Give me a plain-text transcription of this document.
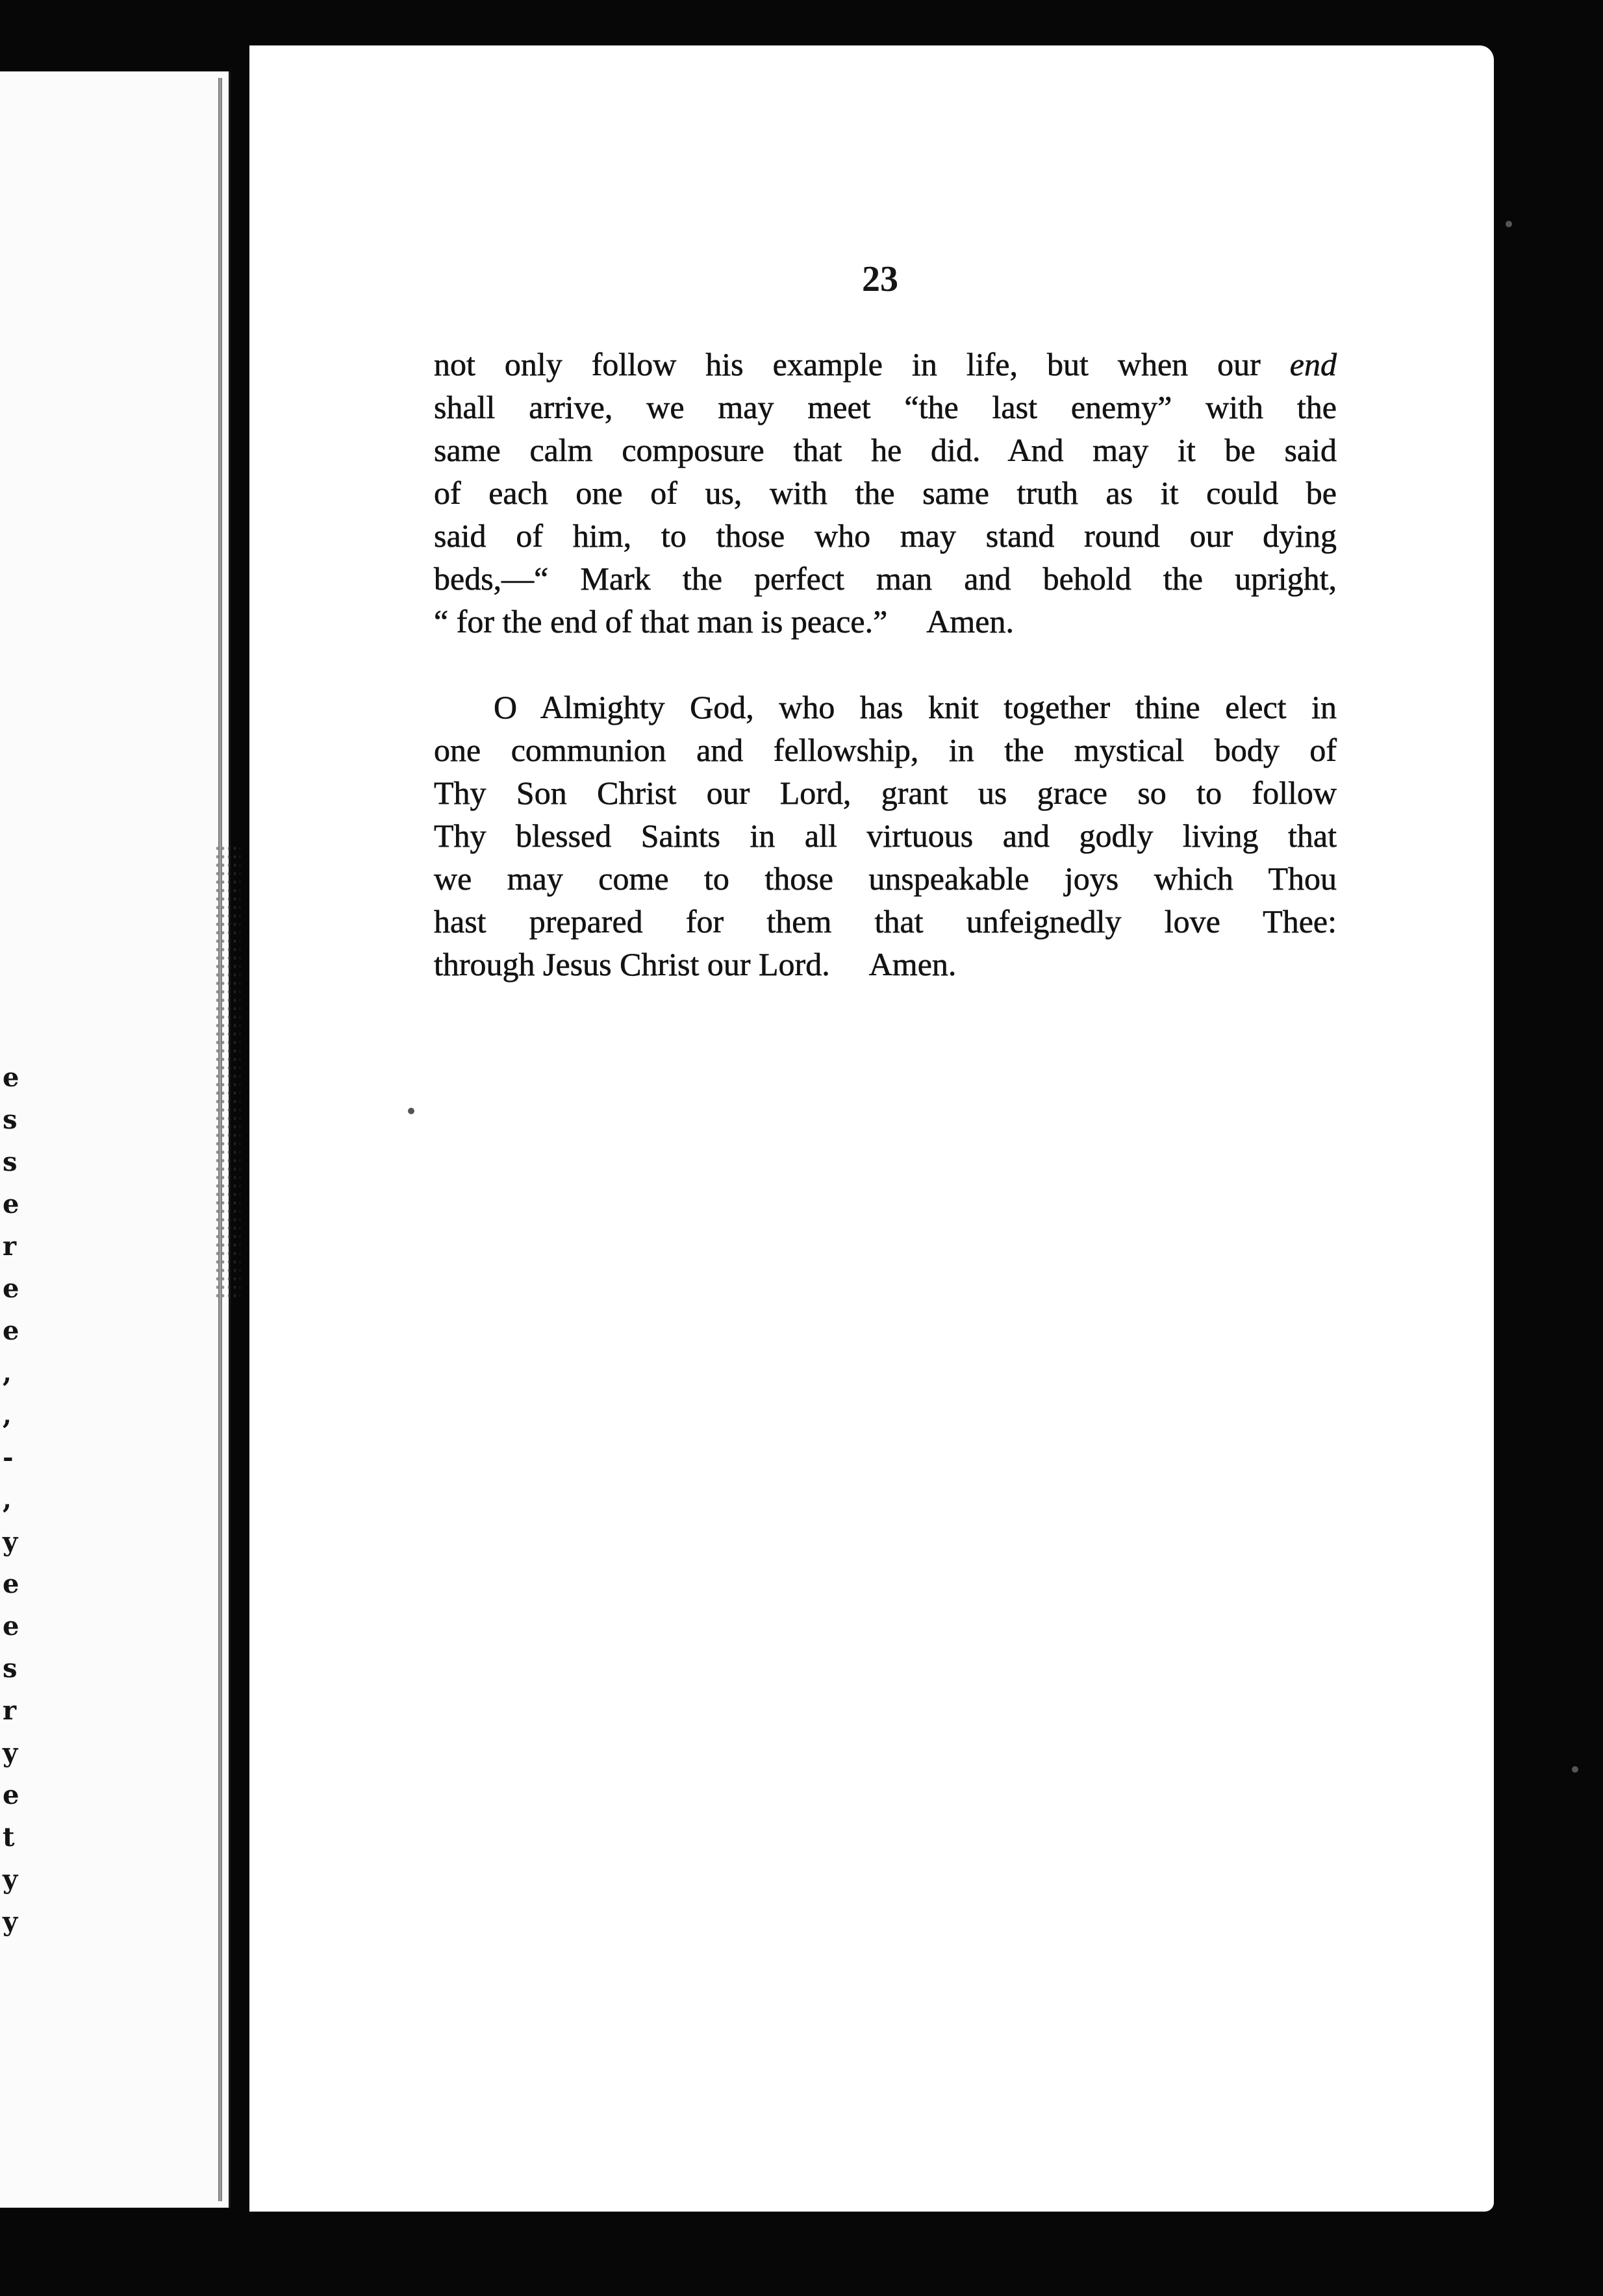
e
s
s
e
r
e
e
,
,
-
,
y
e
e
s
r
y
e
t
y
y
23

not only follow his example in life, but when our end

shall arrive, we may meet “the last enemy” with the

same calm composure that he did. And may it be said

of each one of us, with the same truth as it could be

said of him, to those who may stand round our dying

beds,—“ Mark the perfect man and behold the upright,

“ for the end of that man is peace.” Amen.

O Almighty God, who has knit together thine elect in

one communion and fellowship, in the mystical body of

Thy Son Christ our Lord, grant us grace so to follow

Thy blessed Saints in all virtuous and godly living that

we may come to those unspeakable joys which Thou

hast prepared for them that unfeignedly love Thee:

through Jesus Christ our Lord. Amen.
